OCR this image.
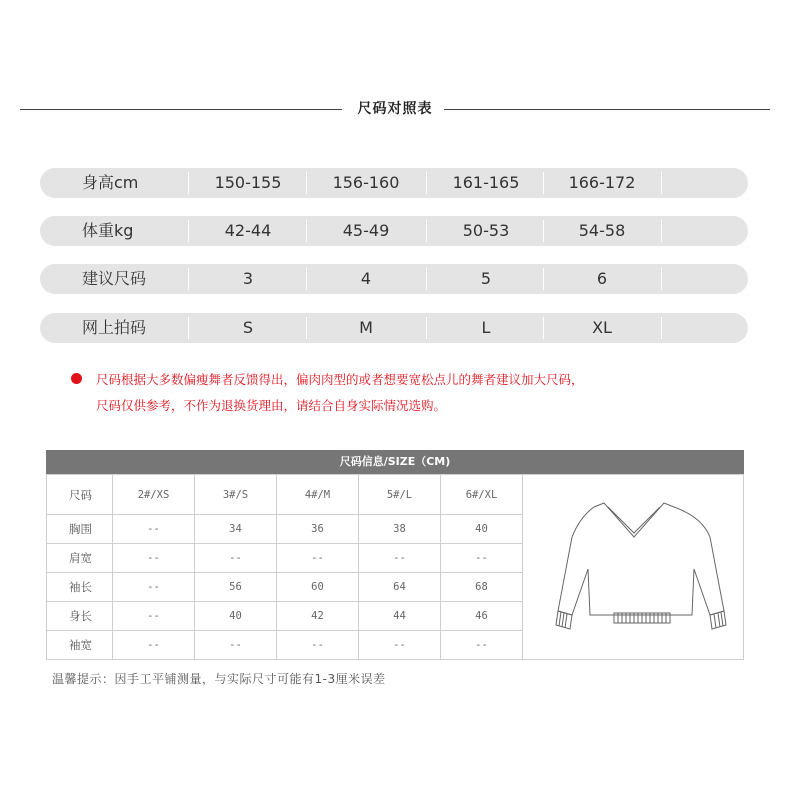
尺码对照表
身高cm	150-155	156-160	161-165	166-172
体重kg	42-44	45-49	50-53	54-58
建议尺码	3	4	5	6
网上拍码	S	M	L	XL
尺码根据大多数偏瘦舞者反馈得出，偏肉肉型的或者想要宽松点儿的舞者建议加大尺码，
尺码仅供参考，不作为退换货理由，请结合自身实际情况选购。
尺码信息/SIZE（CM)
尺码	2#/XS	3#/S	4#/M	5#/L	6#/XL	
胸围	--	34	36	38	40	
肩宽	--	--	--	--	--	
袖长	--	56	60	64	68	
身长	--	40	42	44	46	
袖宽	--	--	--	--	--	
温馨提示：因手工平铺测量，与实际尺寸可能有1-3厘米误差
